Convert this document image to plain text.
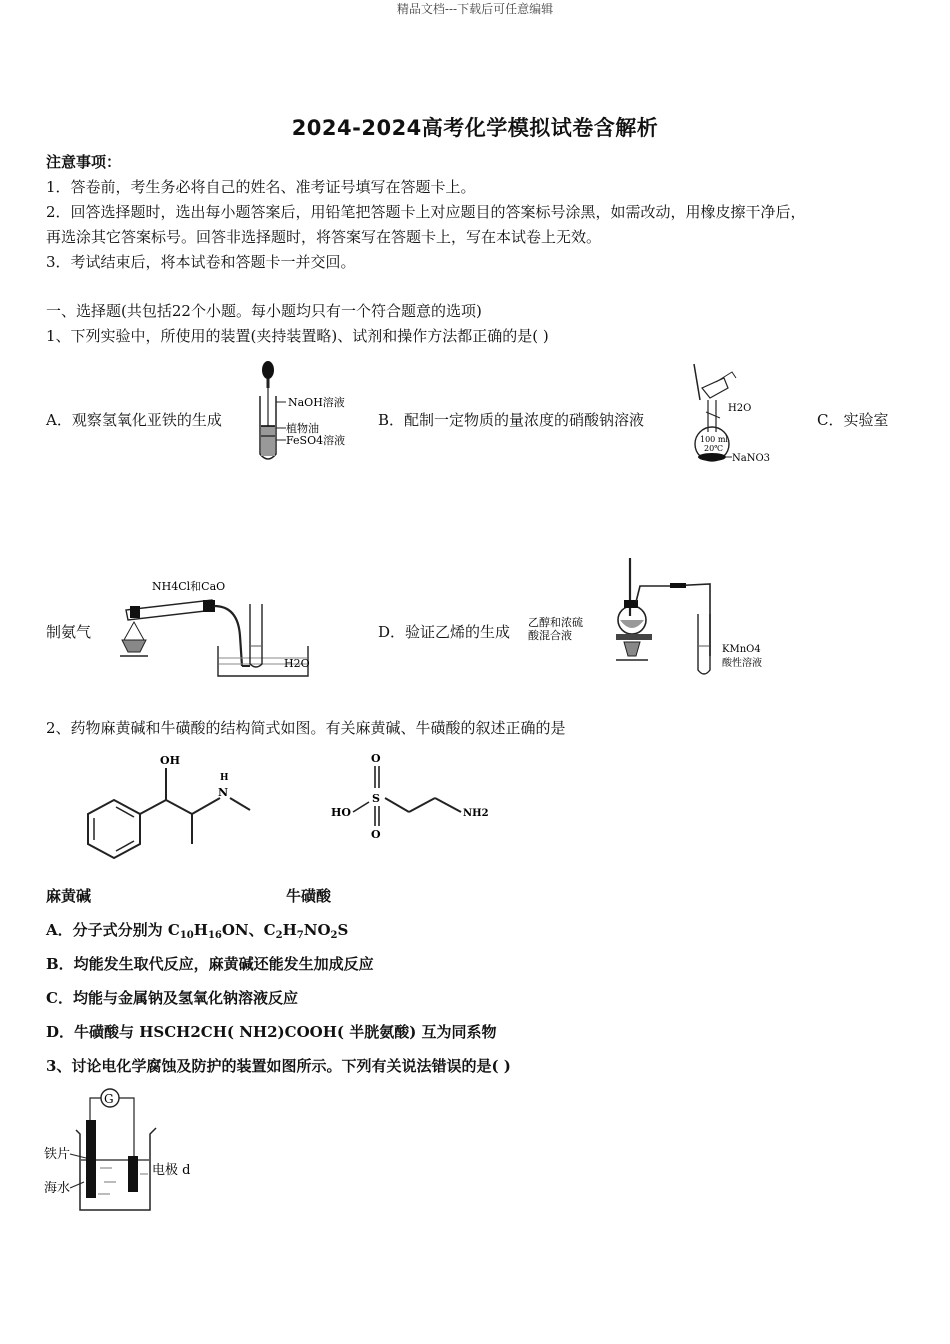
精品文档---下载后可任意编辑
2024-2024高考化学模拟试卷含解析
注意事项：
1．答卷前，考生务必将自己的姓名、准考证号填写在答题卡上。
2．回答选择题时，选出每小题答案后，用铅笔把答题卡上对应题目的答案标号涂黑，如需改动，用橡皮擦干净后，
再选涂其它答案标号。回答非选择题时，将答案写在答题卡上，写在本试卷上无效。
3．考试结束后，将本试卷和答题卡一并交回。
一、选择题(共包括22个小题。每小题均只有一个符合题意的选项)
1、下列实验中，所使用的装置(夹持装置略)、试剂和操作方法都正确的是( )
A．观察氢氧化亚铁的生成	B．配制一定物质的量浓度的硝酸钠溶液	C．实验室
NaOH溶液
植物油
FeSO4溶液	100 ml
20℃
H2O
NaNO3
制氨气	D．验证乙烯的生成
NH4Cl和CaO
H2O
乙醇和浓硫
酸混合液
KMnO4
酸性溶液
2、药物麻黄碱和牛磺酸的结构简式如图。有关麻黄碱、牛磺酸的叙述正确的是
OH
H
N
O
S
O
HO	NH2
麻黄碱	牛磺酸
A．分子式分别为 $C_{10}H_{16}ON$、$C_2H_7NO_2S$
B．均能发生取代反应，麻黄碱还能发生加成反应
C．均能与金属钠及氢氧化钠溶液反应
D．牛磺酸与 HSCH2CH( NH2)COOH( 半胱氨酸) 互为同系物
3、讨论电化学腐蚀及防护的装置如图所示。下列有关说法错误的是( )
G
铁片
海水
电极 d
